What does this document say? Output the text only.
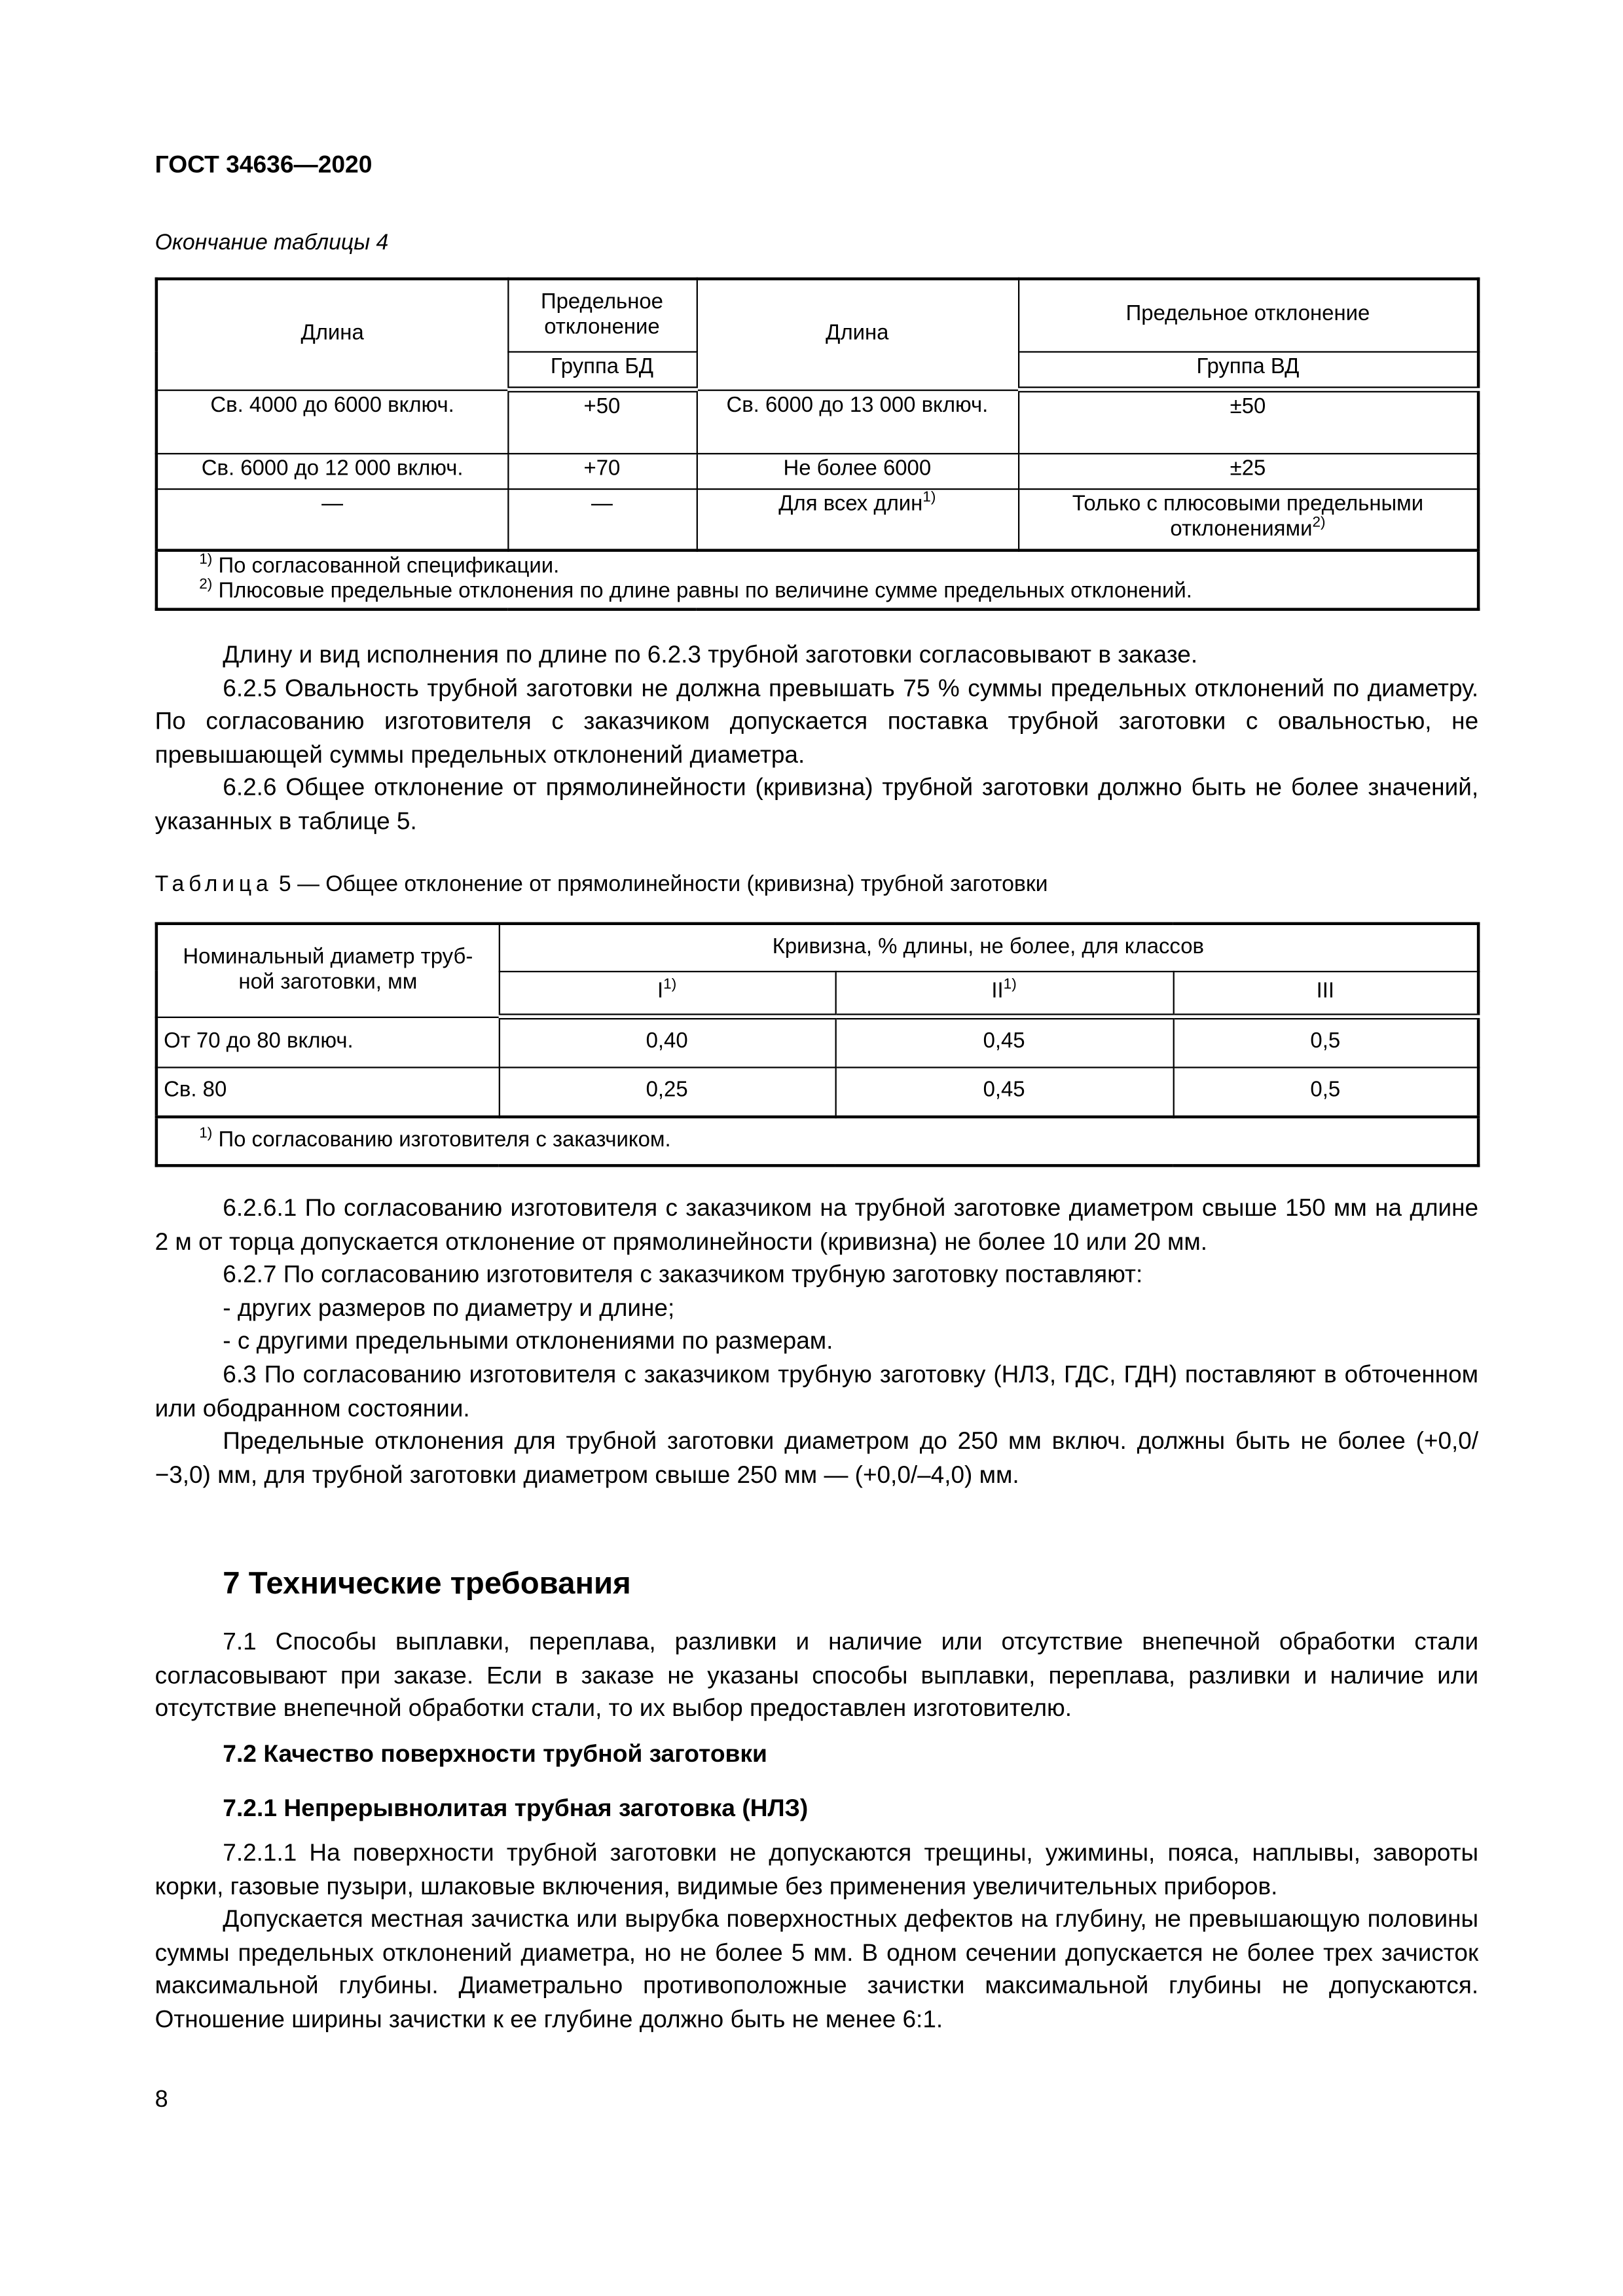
ГОСТ 34636—2020
Окончание таблицы 4
Длина	Предельное отклонение	Длина	Предельное отклонение
	Группа БД		Группа ВД
Св. 4000 до 6000 включ.	+50	Св. 6000 до 13 000 включ.	±50
Св. 6000 до 12 000 включ.	+70	Не более 6000	±25
—	—	Для всех длин$^{1)}$	Только с плюсовыми предельными отклонениями$^{2)}$

$^{1)}$ По согласованной спецификации.
$^{2)}$ Плюсовые предельные отклонения по длине равны по величине сумме предельных отклонений.			

Длину и вид исполнения по длине по 6.2.3 трубной заготовки согласовывают в заказе.

6.2.5 Овальность трубной заготовки не должна превышать 75 % суммы предельных отклонений по диаметру. По согласованию изготовителя с заказчиком допускается поставка трубной заготовки с овальностью, не превышающей суммы предельных отклонений диаметра.

6.2.6 Общее отклонение от прямолинейности (кривизна) трубной заготовки должно быть не более значений, указанных в таблице 5.

Таблица 5 — Общее отклонение от прямолинейности (кривизна) трубной заготовки
Номинальный диаметр труб-ной заготовки, мм	Кривизна, % длины, не более, для классов		
	$I^{1)}$	II$^{1)}$	III
От 70 до 80 включ.	0,40	0,45	0,5
Св. 80	0,25	0,45	0,5
$^{1)}$ По согласованию изготовителя с заказчиком.			

6.2.6.1 По согласованию изготовителя с заказчиком на трубной заготовке диаметром свыше 150 мм на длине 2 м от торца допускается отклонение от прямолинейности (кривизна) не более 10 или 20 мм.

6.2.7 По согласованию изготовителя с заказчиком трубную заготовку поставляют:

- других размеров по диаметру и длине;

- с другими предельными отклонениями по размерам.

6.3 По согласованию изготовителя с заказчиком трубную заготовку (НЛЗ, ГДС, ГДН) поставляют в обточенном или ободранном состоянии.

Предельные отклонения для трубной заготовки диаметром до 250 мм включ. должны быть не более (+0,0/ −3,0) мм, для трубной заготовки диаметром свыше 250 мм — (+0,0/–4,0) мм.

7 Технические требования

7.1 Способы выплавки, переплава, разливки и наличие или отсутствие внепечной обработки стали согласовывают при заказе. Если в заказе не указаны способы выплавки, переплава, разливки и наличие или отсутствие внепечной обработки стали, то их выбор предоставлен изготовителю.

7.2 Качество поверхности трубной заготовки
7.2.1 Непрерывнолитая трубная заготовка (НЛЗ)

7.2.1.1 На поверхности трубной заготовки не допускаются трещины, ужимины, пояса, наплывы, завороты корки, газовые пузыри, шлаковые включения, видимые без применения увеличительных приборов.

Допускается местная зачистка или вырубка поверхностных дефектов на глубину, не превышающую половины суммы предельных отклонений диаметра, но не более 5 мм. В одном сечении допускается не более трех зачисток максимальной глубины. Диаметрально противоположные зачистки максимальной глубины не допускаются. Отношение ширины зачистки к ее глубине должно быть не менее 6:1.

8
